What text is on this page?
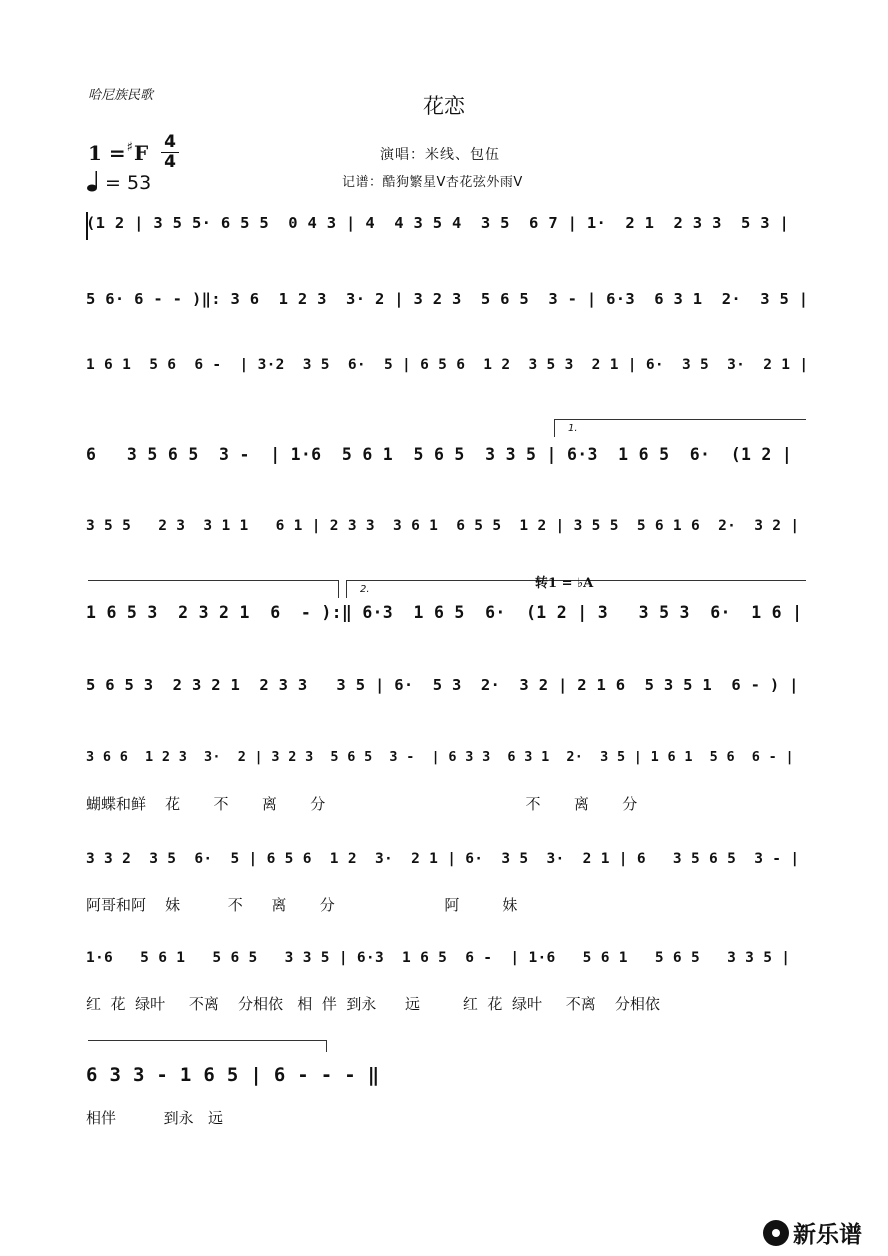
哈尼族民歌	花恋
1 =♯F 4
4
= 53
演唱：米线、包伍
记谱：酷狗繁星V杏花弦外雨V
(1 2 | 3 5 5· 6 5 5  0 4 3 | 4  4 3 5 4  3 5  6 7 | 1·  2 1  2 3 3  5 3 |
5 6· 6 - - )‖: 3 6  1 2 3  3· 2 | 3 2 3  5 6 5  3 - | 6·3  6 3 1  2·  3 5 |
1 6 1  5 6  6 -  | 3·2  3 5  6·  5 | 6 5 6  1 2  3 5 3  2 1 | 6·  3 5  3·  2 1 |
1.
6   3 5 6 5  3 -  | 1·6  5 6 1  5 6 5  3 3 5 | 6·3  1 6 5  6·  (1 2 |
3 5 5   2 3  3 1 1   6 1 | 2 3 3  3 6 1  6 5 5  1 2 | 3 5 5  5 6 1 6  2·  3 2 |
2.	转1 = ♭A
1 6 5 3  2 3 2 1  6  - ):‖ 6·3  1 6 5  6·  (1 2 | 3   3 5 3  6·  1 6 |
5 6 5 3  2 3 2 1  2 3 3   3 5 | 6·  5 3  2·  3 2 | 2 1 6  5 3 5 1  6 - ) |
3 6 6  1 2 3  3·  2 | 3 2 3  5 6 5  3 -  | 6 3 3  6 3 1  2·  3 5 | 1 6 1  5 6  6 - |
蝴蝶和鲜    花       不       离       分                                          不       离       分
3 3 2  3 5  6·  5 | 6 5 6  1 2  3·  2 1 | 6·  3 5  3·  2 1 | 6   3 5 6 5  3 - |
阿哥和阿    妹          不      离       分                       阿         妹
1·6   5 6 1   5 6 5   3 3 5 | 6·3  1 6 5  6 -  | 1·6   5 6 1   5 6 5   3 3 5 |
红  花  绿叶     不离    分相依   相  伴  到永      远         红  花  绿叶     不离    分相依
6 3 3 - 1 6 5 | 6 - - - ‖
相伴          到永   远
新乐谱
